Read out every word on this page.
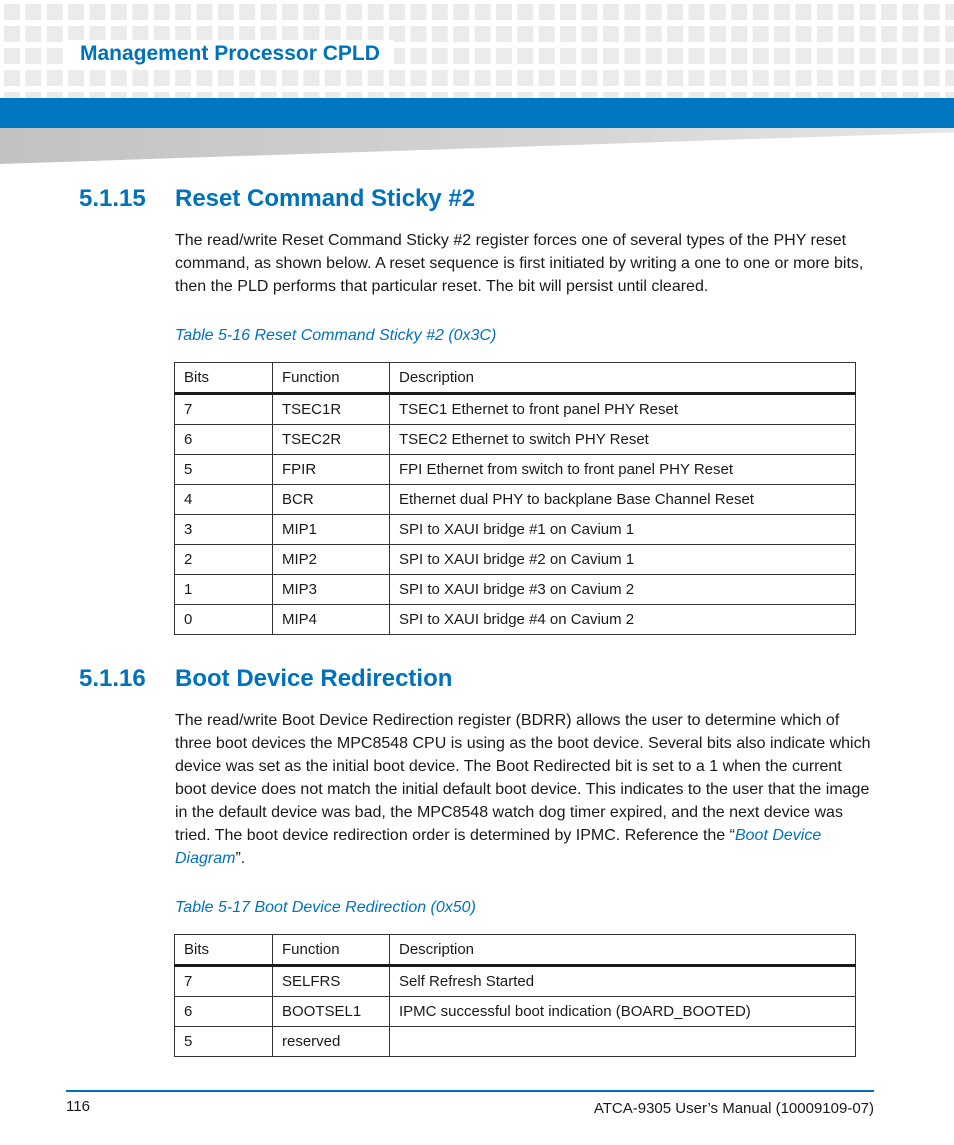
Management Processor CPLD
5.1.15 Reset Command Sticky #2

The read/write Reset Command Sticky #2 register forces one of several types of the PHY reset command, as shown below. A reset sequence is first initiated by writing a one to one or more bits, then the PLD performs that particular reset. The bit will persist until cleared.

Table 5-16 Reset Command Sticky #2 (0x3C)

Bits	Function	Description
7	TSEC1R	TSEC1 Ethernet to front panel PHY Reset
6	TSEC2R	TSEC2 Ethernet to switch PHY Reset
5	FPIR	FPI Ethernet from switch to front panel PHY Reset
4	BCR	Ethernet dual PHY to backplane Base Channel Reset
3	MIP1	SPI to XAUI bridge #1 on Cavium 1
2	MIP2	SPI to XAUI bridge #2 on Cavium 1
1	MIP3	SPI to XAUI bridge #3 on Cavium 2
0	MIP4	SPI to XAUI bridge #4 on Cavium 2
5.1.16 Boot Device Redirection

The read/write Boot Device Redirection register (BDRR) allows the user to determine which of three boot devices the MPC8548 CPU is using as the boot device. Several bits also indicate which device was set as the initial boot device. The Boot Redirected bit is set to a 1 when the current boot device does not match the initial default boot device. This indicates to the user that the image in the default device was bad, the MPC8548 watch dog timer expired, and the next device was tried. The boot device redirection order is determined by IPMC. Reference the “Boot Device Diagram”.

Table 5-17 Boot Device Redirection (0x50)

Bits	Function	Description
7	SELFRS	Self Refresh Started
6	BOOTSEL1	IPMC successful boot indication (BOARD_BOOTED)
5	reserved	
116	ATCA-9305 User’s Manual (10009109-07)
